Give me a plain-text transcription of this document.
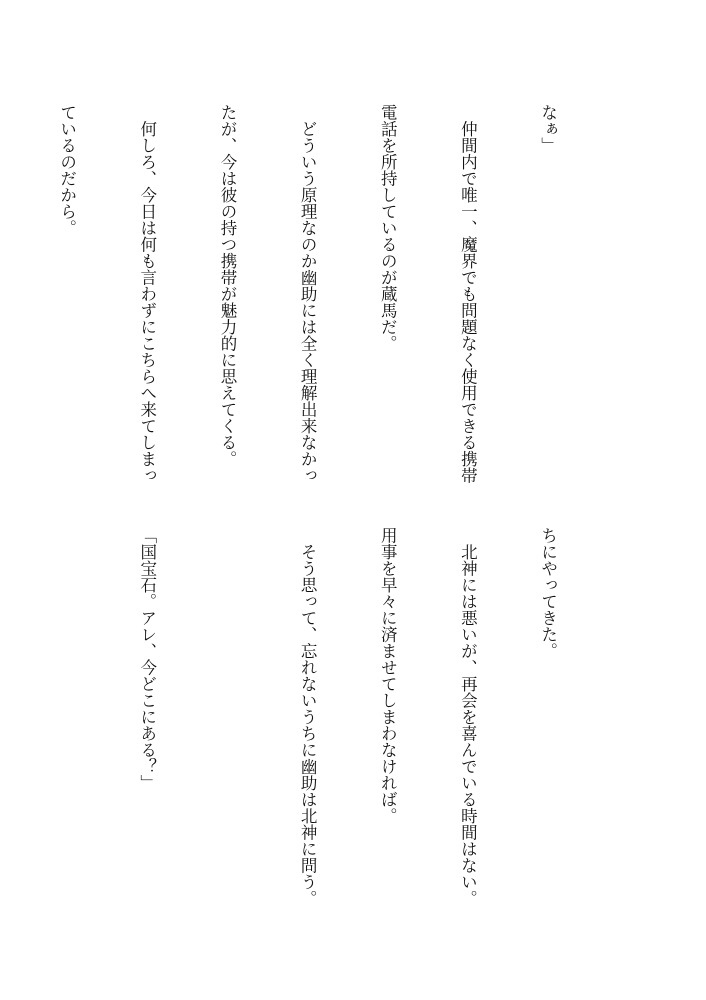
なぁ」

　仲間内で唯一、魔界でも問題なく使用できる携帯

電話を所持しているのが蔵馬だ。

　どういう原理なのか幽助には全く理解出来なかっ

たが、今は彼の持つ携帯が魅力的に思えてくる。

　何しろ、今日は何も言わずにこちらへ来てしまっ

ているのだから。

ちにやってきた。

　北神には悪いが、再会を喜んでいる時間はない。

用事を早々に済ませてしまわなければ。

　そう思って、忘れないうちに幽助は北神に問う。

「国宝石。アレ、今どこにある？」
